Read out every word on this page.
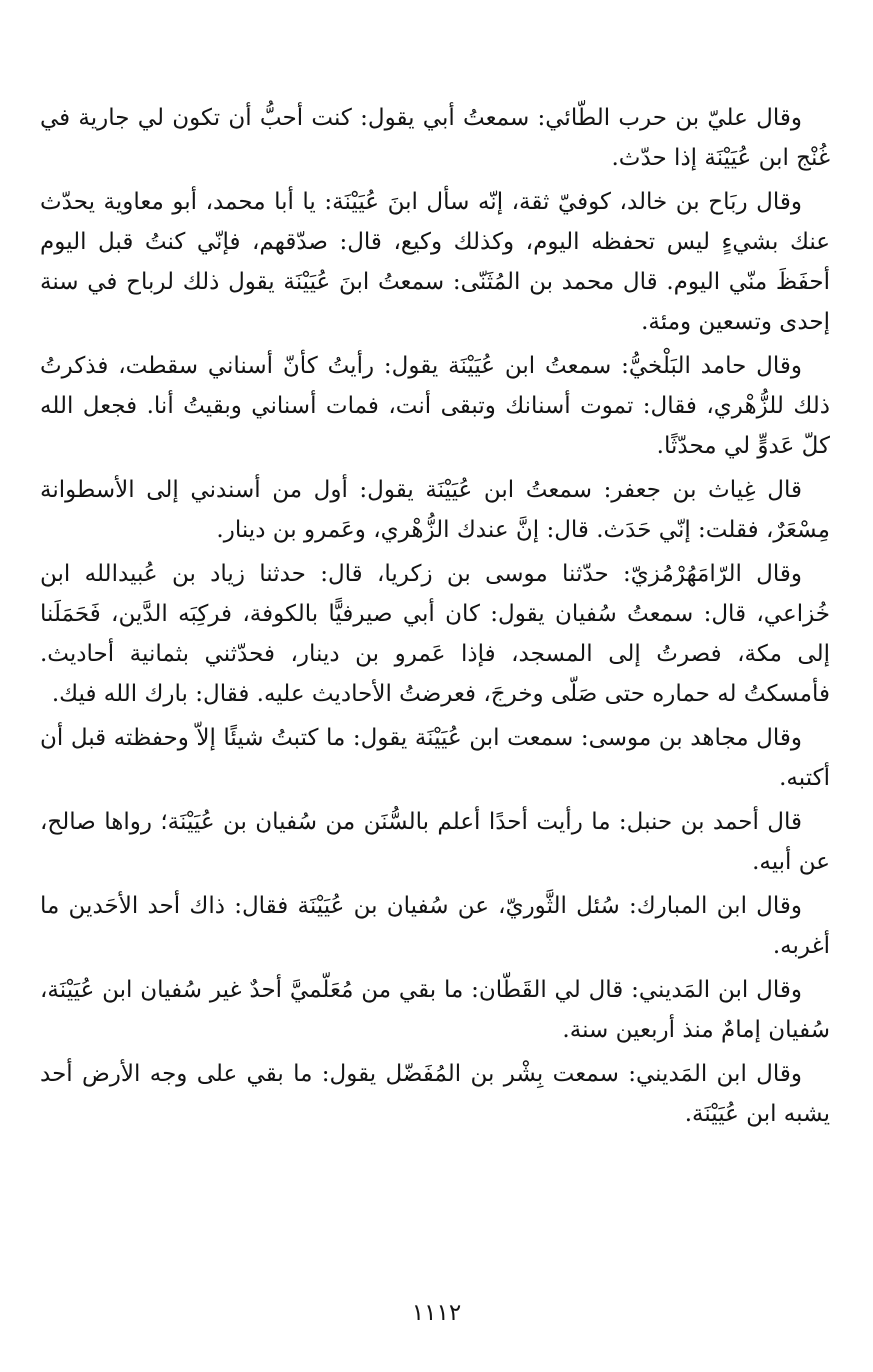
وقال عليّ بن حرب الطّائي: سمعتُ أبي يقول: كنت أحبُّ أن تكون لي جارية في غُنْج ابن عُيَيْنَة إذا حدّث.

وقال ربَاح بن خالد، كوفيّ ثقة، إنّه سأل ابنَ عُيَيْنَة: يا أبا محمد، أبو معاوية يحدّث عنك بشيءٍ ليس تحفظه اليوم، وكذلك وكيع، قال: صدّقهم، فإنّي كنتُ قبل اليوم أحفَظَ منّي اليوم. قال محمد بن المُثَنّى: سمعتُ ابنَ عُيَيْنَة يقول ذلك لرباح في سنة إحدى وتسعين ومئة.

وقال حامد البَلْخيُّ: سمعتُ ابن عُيَيْنَة يقول: رأيتُ كأنّ أسناني سقطت، فذكرتُ ذلك للزُّهْري، فقال: تموت أسنانك وتبقى أنت، فمات أسناني وبقيتُ أنا. فجعل الله كلّ عَدوٍّ لي محدّثًا.

قال غِياث بن جعفر: سمعتُ ابن عُيَيْنَة يقول: أول من أسندني إلى الأسطوانة مِسْعَرٌ، فقلت: إنّي حَدَث. قال: إنَّ عندك الزُّهْري، وعَمرو بن دينار.

وقال الرّامَهُرْمُزيّ: حدّثنا موسى بن زكريا، قال: حدثنا زياد بن عُبيدالله ابن خُزاعي، قال: سمعتُ سُفيان يقول: كان أبي صيرفيًّا بالكوفة، فركِبَه الدَّين، فَحَمَلَنا إلى مكة، فصرتُ إلى المسجد، فإذا عَمرو بن دينار، فحدّثني بثمانية أحاديث. فأمسكتُ له حماره حتى صَلّى وخرجَ، فعرضتُ الأحاديث عليه. فقال: بارك الله فيك.

وقال مجاهد بن موسى: سمعت ابن عُيَيْنَة يقول: ما كتبتُ شيئًا إلاّ وحفظته قبل أن أكتبه.

قال أحمد بن حنبل: ما رأيت أحدًا أعلم بالسُّنَن من سُفيان بن عُيَيْنَة؛ رواها صالح، عن أبيه.

وقال ابن المبارك: سُئل الثَّوريّ، عن سُفيان بن عُيَيْنَة فقال: ذاك أحد الأحَدين ما أغربه.

وقال ابن المَديني: قال لي القَطّان: ما بقي من مُعَلّميَّ أحدٌ غير سُفيان ابن عُيَيْنَة، سُفيان إمامٌ منذ أربعين سنة.

وقال ابن المَديني: سمعت بِشْر بن المُفَضّل يقول: ما بقي على وجه الأرض أحد يشبه ابن عُيَيْنَة.

١١١٢
